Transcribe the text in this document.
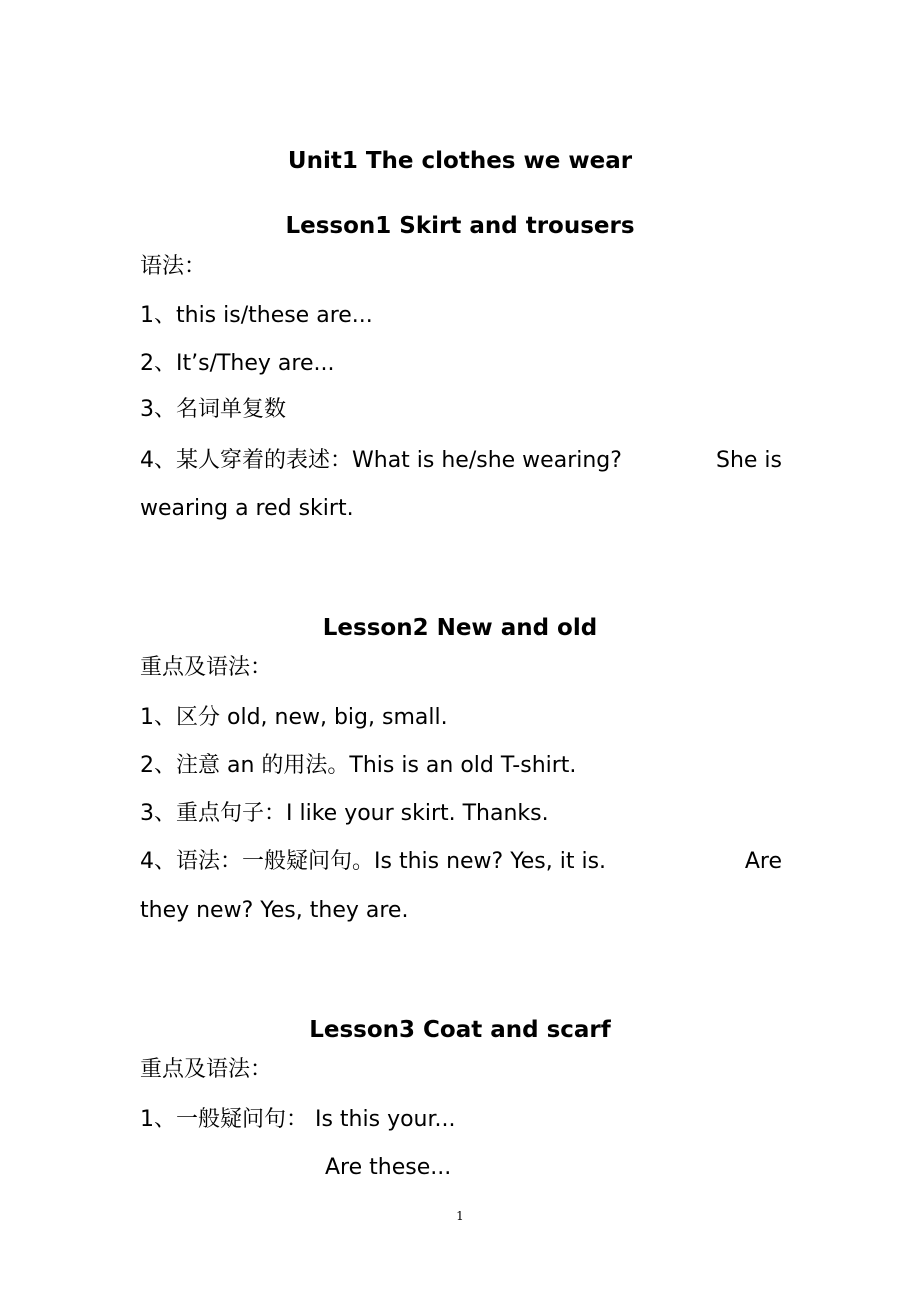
Unit1 The clothes we wear
Lesson1 Skirt and trousers
语法：
1、this is/these are...
2、It’s/They are...
3、名词单复数
4、某人穿着的表述：What is he/she wearing?	She is
wearing a red skirt.
Lesson2 New and old
重点及语法：
1、区分 old, new, big, small.
2、注意 an 的用法。This is an old T-shirt.
3、重点句子：I like your skirt. Thanks.
4、语法：一般疑问句。Is this new? Yes, it is.	Are
they new? Yes, they are.
Lesson3 Coat and scarf
重点及语法：
1、一般疑问句： Is this your...
Are these...
1
